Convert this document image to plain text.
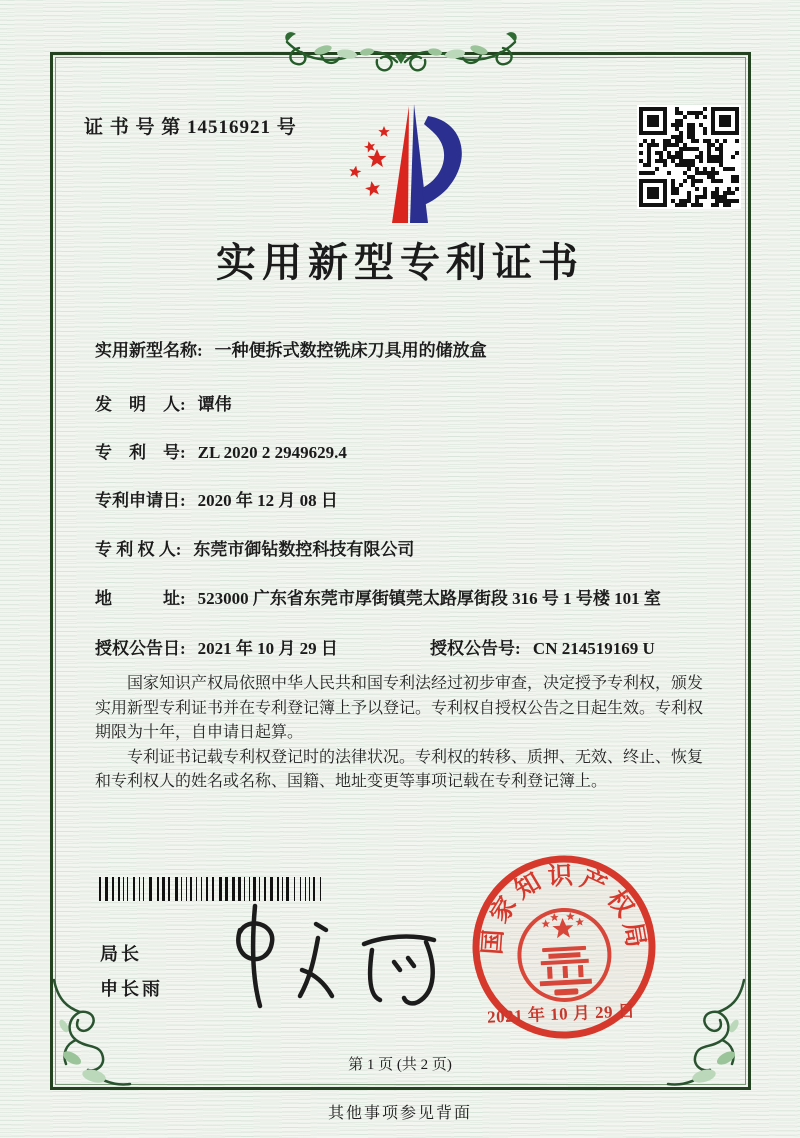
证 书 号 第 14516921 号
实用新型专利证书
实用新型名称: 一种便拆式数控铣床刀具用的储放盒
发　明　人: 谭伟
专　利　号: ZL 2020 2 2949629.4
专利申请日: 2020 年 12 月 08 日
专 利 权 人: 东莞市御钻数控科技有限公司
地　　　址: 523000 广东省东莞市厚街镇莞太路厚街段 316 号 1 号楼 101 室
授权公告日: 2021 年 10 月 29 日	授权公告号: CN 214519169 U

国家知识产权局依照中华人民共和国专利法经过初步审查，决定授予专利权，颁发实用新型专利证书并在专利登记簿上予以登记。专利权自授权公告之日起生效。专利权期限为十年，自申请日起算。

专利证书记载专利权登记时的法律状况。专利权的转移、质押、无效、终止、恢复和专利权人的姓名或名称、国籍、地址变更等事项记载在专利登记簿上。

局长
申长雨
国
家
知 识 产
权
局
2021 年 10 月 29 日
第 1 页 (共 2 页)
其他事项参见背面
